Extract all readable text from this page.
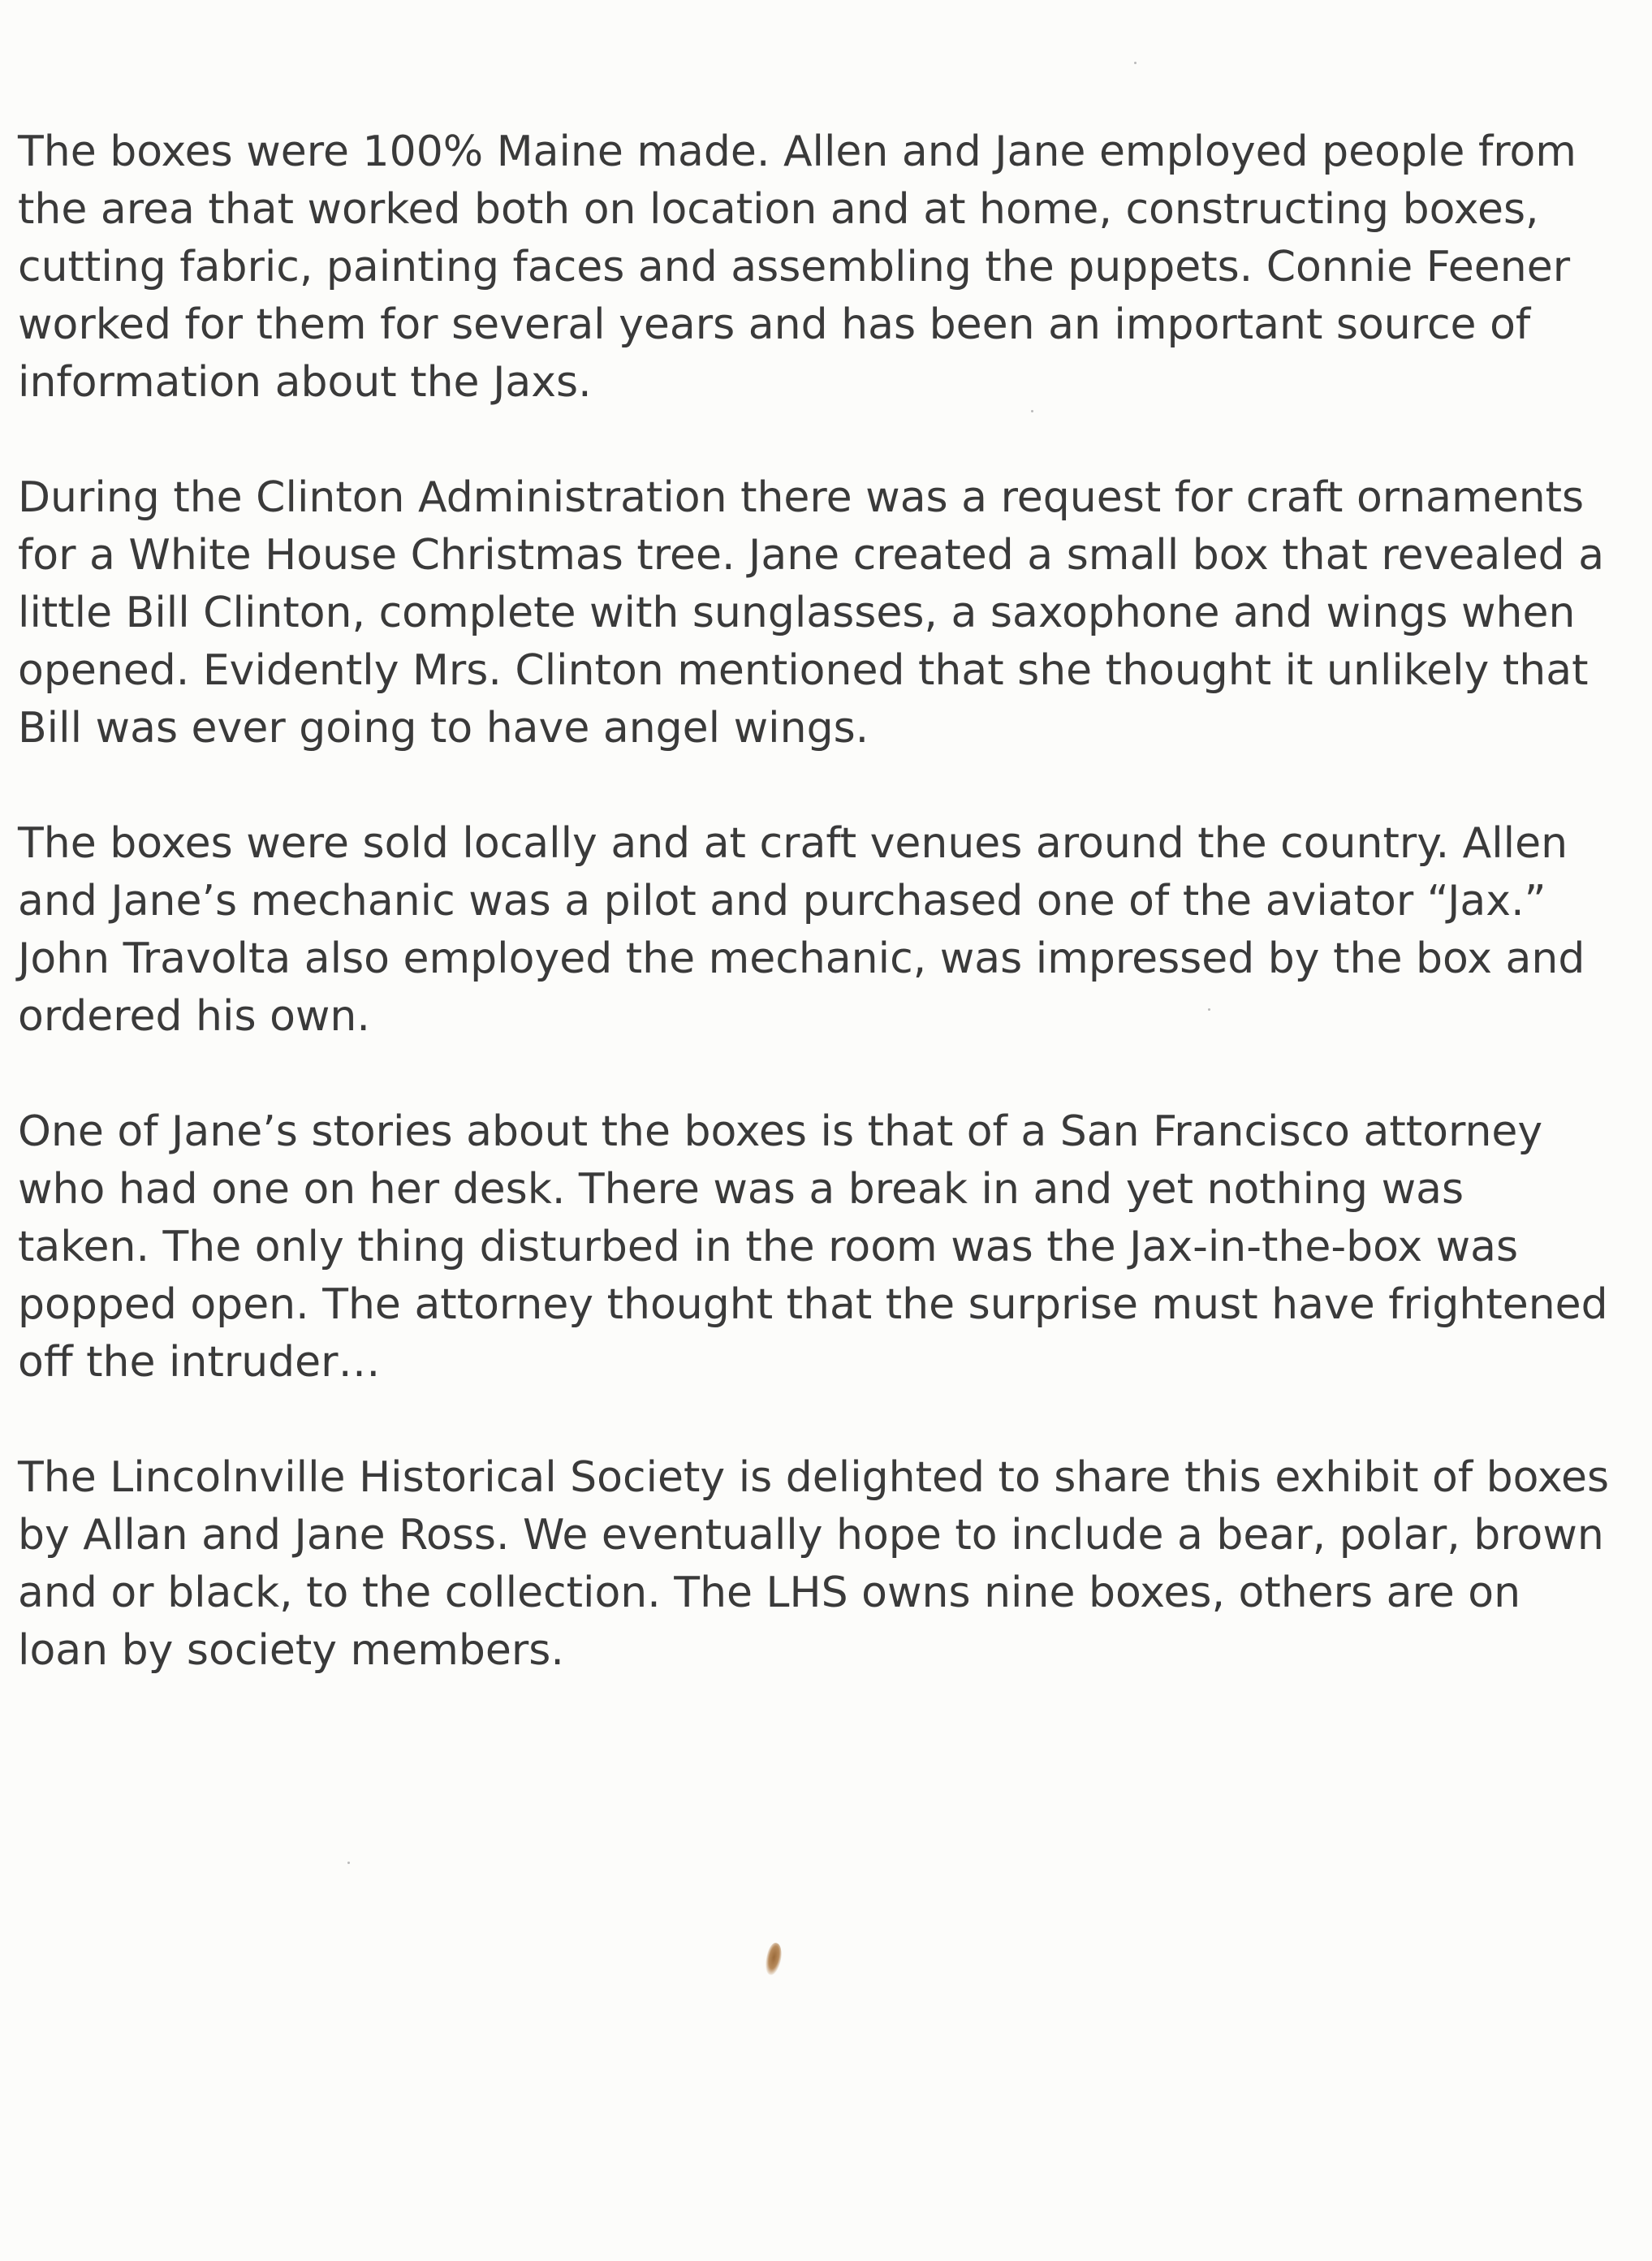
The boxes were 100% Maine made. Allen and Jane employed people from
the area that worked both on location and at home, constructing boxes,
cutting fabric, painting faces and assembling the puppets. Connie Feener
worked for them for several years and has been an important source of
information about the Jaxs.

During the Clinton Administration there was a request for craft ornaments
for a White House Christmas tree. Jane created a small box that revealed a
little Bill Clinton, complete with sunglasses, a saxophone and wings when
opened. Evidently Mrs. Clinton mentioned that she thought it unlikely that
Bill was ever going to have angel wings.

The boxes were sold locally and at craft venues around the country. Allen
and Jane’s mechanic was a pilot and purchased one of the aviator “Jax.”
John Travolta also employed the mechanic, was impressed by the box and
ordered his own.

One of Jane’s stories about the boxes is that of a San Francisco attorney
who had one on her desk. There was a break in and yet nothing was
taken. The only thing disturbed in the room was the Jax-in-the-box was
popped open. The attorney thought that the surprise must have frightened
off the intruder…

The Lincolnville Historical Society is delighted to share this exhibit of boxes
by Allan and Jane Ross. We eventually hope to include a bear, polar, brown
and or black, to the collection. The LHS owns nine boxes, others are on
loan by society members.
